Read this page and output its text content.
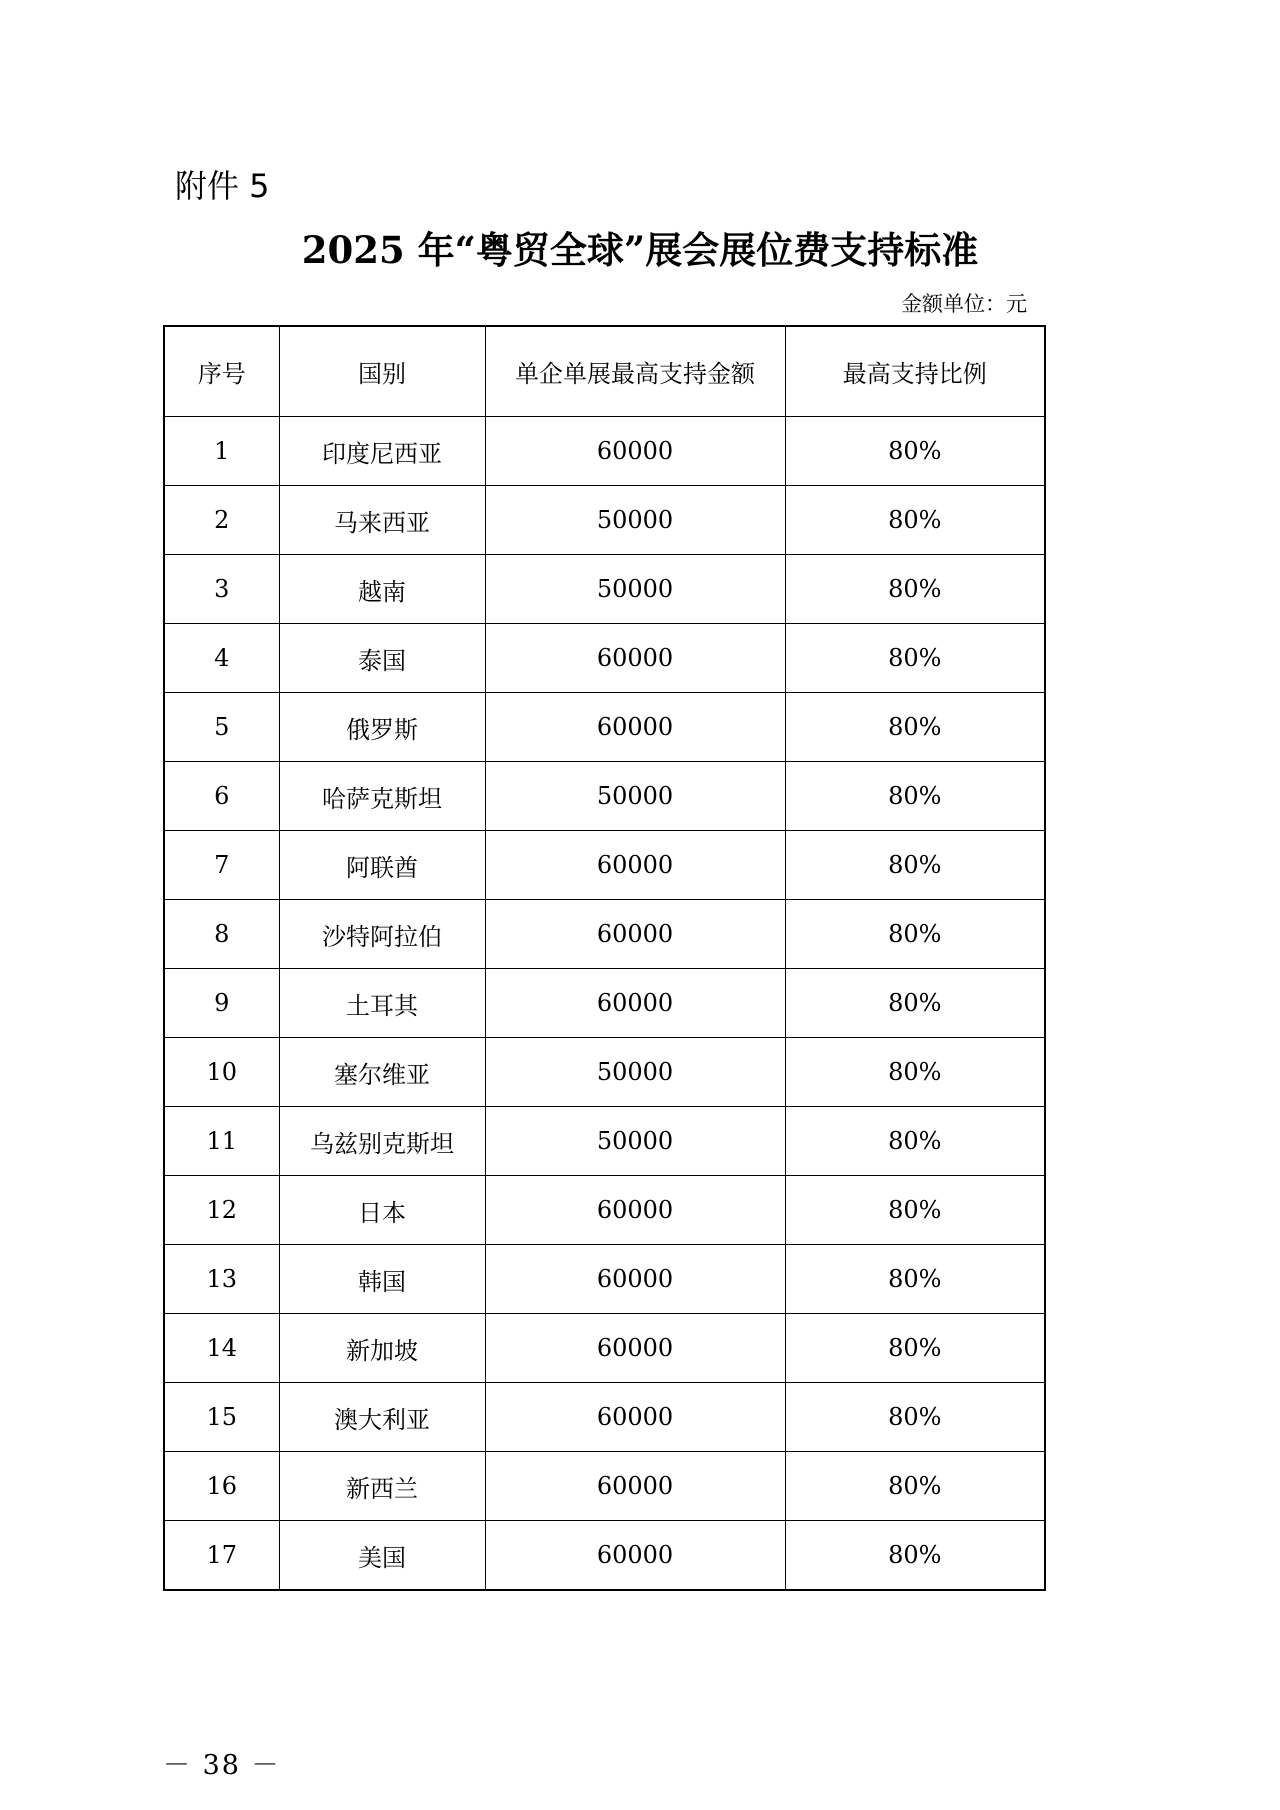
附件 5
2025 年“粤贸全球”展会展位费支持标准
金额单位：元
序号	国别	单企单展最高支持金额	最高支持比例
1	印度尼西亚	60000	80%
2	马来西亚	50000	80%
3	越南	50000	80%
4	泰国	60000	80%
5	俄罗斯	60000	80%
6	哈萨克斯坦	50000	80%
7	阿联酋	60000	80%
8	沙特阿拉伯	60000	80%
9	土耳其	60000	80%
10	塞尔维亚	50000	80%
11	乌兹别克斯坦	50000	80%
12	日本	60000	80%
13	韩国	60000	80%
14	新加坡	60000	80%
15	澳大利亚	60000	80%
16	新西兰	60000	80%
17	美国	60000	80%
－ 38 －
